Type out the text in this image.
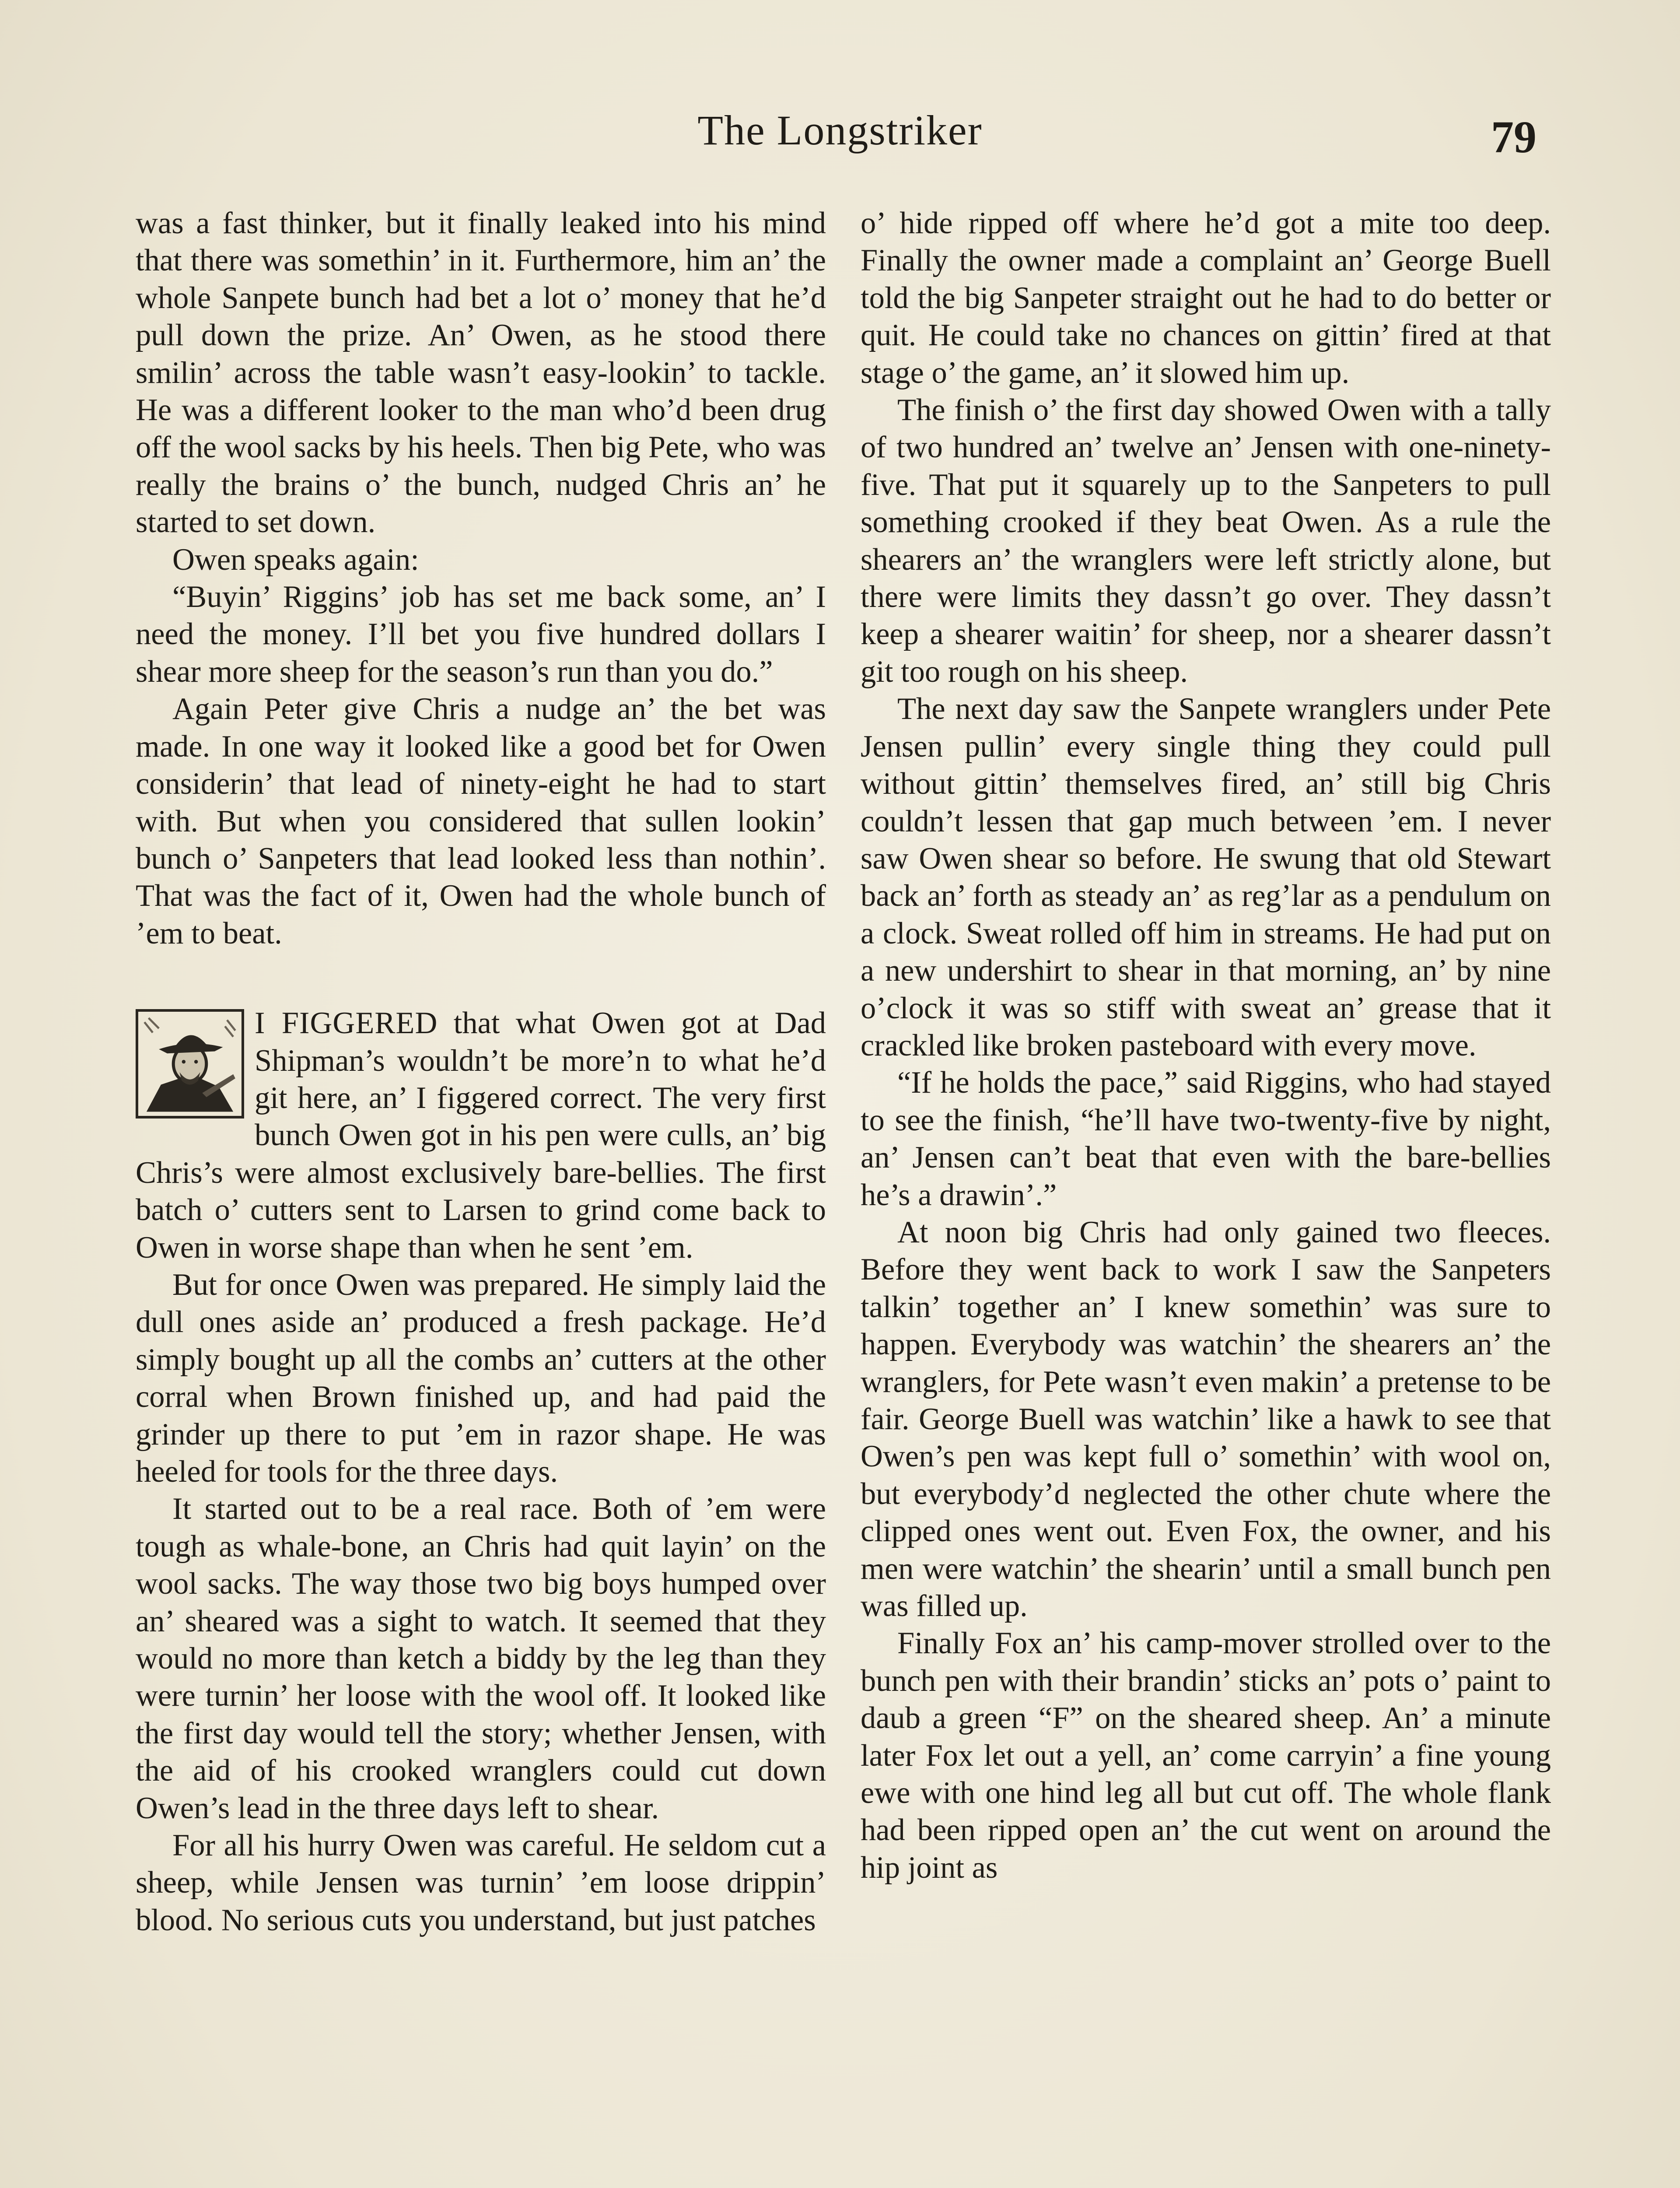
The Longstriker	79

was a fast thinker, but it finally leaked into his mind that there was somethin’ in it. Furthermore, him an’ the whole Sanpete bunch had bet a lot o’ money that he’d pull down the prize. An’ Owen, as he stood there smilin’ across the table wasn’t easy-lookin’ to tackle. He was a different looker to the man who’d been drug off the wool sacks by his heels. Then big Pete, who was really the brains o’ the bunch, nudged Chris an’ he started to set down.

Owen speaks again:

“Buyin’ Riggins’ job has set me back some, an’ I need the money. I’ll bet you five hundred dollars I shear more sheep for the season’s run than you do.”

Again Peter give Chris a nudge an’ the bet was made. In one way it looked like a good bet for Owen considerin’ that lead of ninety-eight he had to start with. But when you considered that sullen lookin’ bunch o’ Sanpeters that lead looked less than nothin’. That was the fact of it, Owen had the whole bunch of ’em to beat.

I FIGGERED that what Owen got at Dad Shipman’s wouldn’t be more’n to what he’d git here, an’ I figgered correct. The very first bunch Owen got in his pen were culls, an’ big Chris’s were almost exclusively bare-bellies. The first batch o’ cutters sent to Larsen to grind come back to Owen in worse shape than when he sent ’em.

But for once Owen was prepared. He simply laid the dull ones aside an’ produced a fresh package. He’d simply bought up all the combs an’ cutters at the other corral when Brown finished up, and had paid the grinder up there to put ’em in razor shape. He was heeled for tools for the three days.

It started out to be a real race. Both of ’em were tough as whale-bone, an Chris had quit layin’ on the wool sacks. The way those two big boys humped over an’ sheared was a sight to watch. It seemed that they would no more than ketch a biddy by the leg than they were turnin’ her loose with the wool off. It looked like the first day would tell the story; whether Jensen, with the aid of his crooked wranglers could cut down Owen’s lead in the three days left to shear.

For all his hurry Owen was careful. He seldom cut a sheep, while Jensen was turnin’ ’em loose drippin’ blood. No serious cuts you understand, but just patches

o’ hide ripped off where he’d got a mite too deep. Finally the owner made a complaint an’ George Buell told the big Sanpeter straight out he had to do better or quit. He could take no chances on gittin’ fired at that stage o’ the game, an’ it slowed him up.

The finish o’ the first day showed Owen with a tally of two hundred an’ twelve an’ Jensen with one-ninety-five. That put it squarely up to the Sanpeters to pull something crooked if they beat Owen. As a rule the shearers an’ the wranglers were left strictly alone, but there were limits they dassn’t go over. They dassn’t keep a shearer waitin’ for sheep, nor a shearer dassn’t git too rough on his sheep.

The next day saw the Sanpete wranglers under Pete Jensen pullin’ every single thing they could pull without gittin’ themselves fired, an’ still big Chris couldn’t lessen that gap much between ’em. I never saw Owen shear so before. He swung that old Stewart back an’ forth as steady an’ as reg’lar as a pendulum on a clock. Sweat rolled off him in streams. He had put on a new undershirt to shear in that morning, an’ by nine o’clock it was so stiff with sweat an’ grease that it crackled like broken pasteboard with every move.

“If he holds the pace,” said Riggins, who had stayed to see the finish, “he’ll have two-twenty-five by night, an’ Jensen can’t beat that even with the bare-bellies he’s a drawin’.”

At noon big Chris had only gained two fleeces. Before they went back to work I saw the Sanpeters talkin’ together an’ I knew somethin’ was sure to happen. Everybody was watchin’ the shearers an’ the wranglers, for Pete wasn’t even makin’ a pretense to be fair. George Buell was watchin’ like a hawk to see that Owen’s pen was kept full o’ somethin’ with wool on, but everybody’d neglected the other chute where the clipped ones went out. Even Fox, the owner, and his men were watchin’ the shearin’ until a small bunch pen was filled up.

Finally Fox an’ his camp-mover strolled over to the bunch pen with their brandin’ sticks an’ pots o’ paint to daub a green “F” on the sheared sheep. An’ a minute later Fox let out a yell, an’ come carryin’ a fine young ewe with one hind leg all but cut off. The whole flank had been ripped open an’ the cut went on around the hip joint as
